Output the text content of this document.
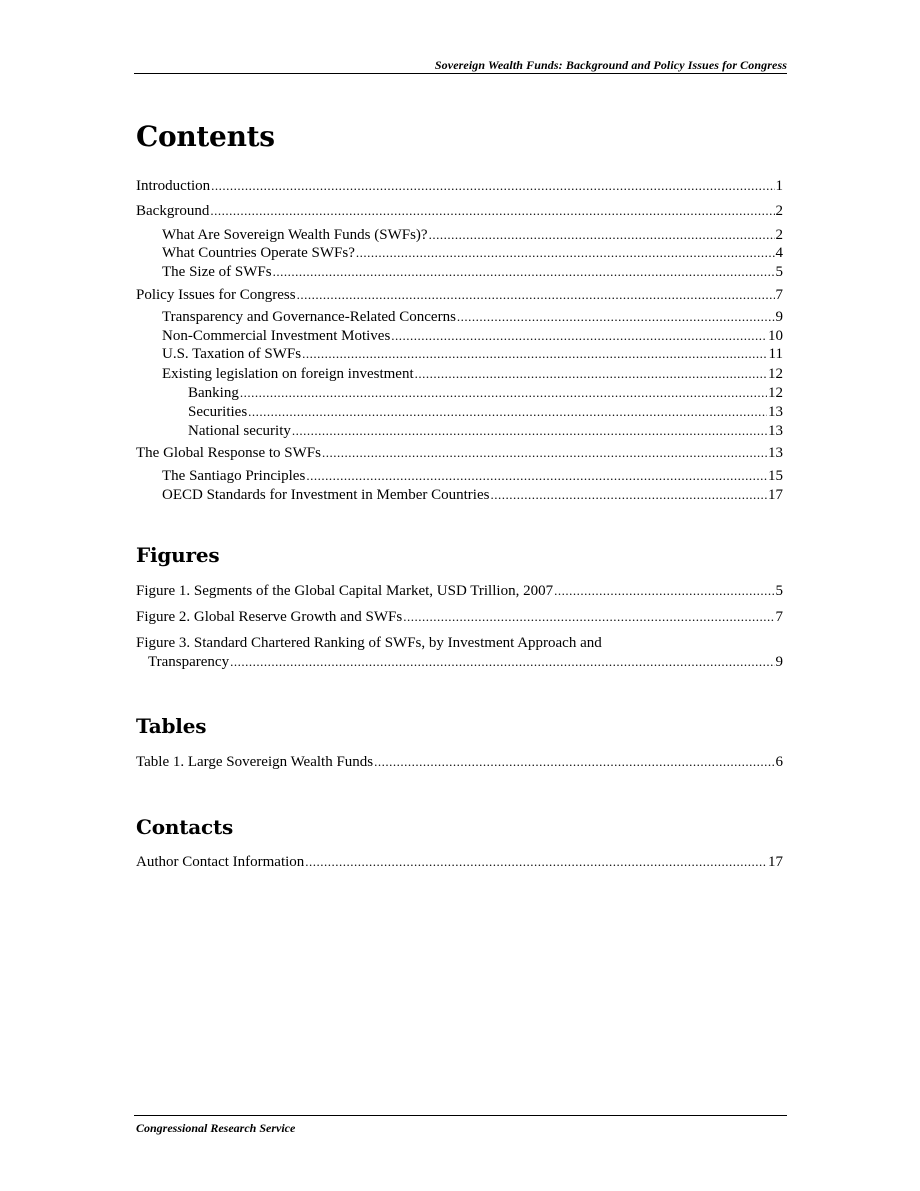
Sovereign Wealth Funds: Background and Policy Issues for Congress
Contents
Introduction .....	1
Background .....	2
What Are Sovereign Wealth Funds (SWFs)? .....	2
What Countries Operate SWFs? .....	4
The Size of SWFs .....	5
Policy Issues for Congress .....	7
Transparency and Governance-Related Concerns .....	9
Non-Commercial Investment Motives .....	10
U.S. Taxation of SWFs .....	11
Existing legislation on foreign investment .....	12
Banking .....	12
Securities .....	13
National security .....	13
The Global Response to SWFs .....	13
The Santiago Principles .....	15
OECD Standards for Investment in Member Countries .....	17
Figures
Figure 1. Segments of the Global Capital Market, USD Trillion, 2007 .....	5
Figure 2. Global Reserve Growth and SWFs .....	7
Figure 3. Standard Chartered Ranking of SWFs, by Investment Approach and
Transparency .....	9
Tables
Table 1. Large Sovereign Wealth Funds .....	6
Contacts
Author Contact Information .....	17
Congressional Research Service
